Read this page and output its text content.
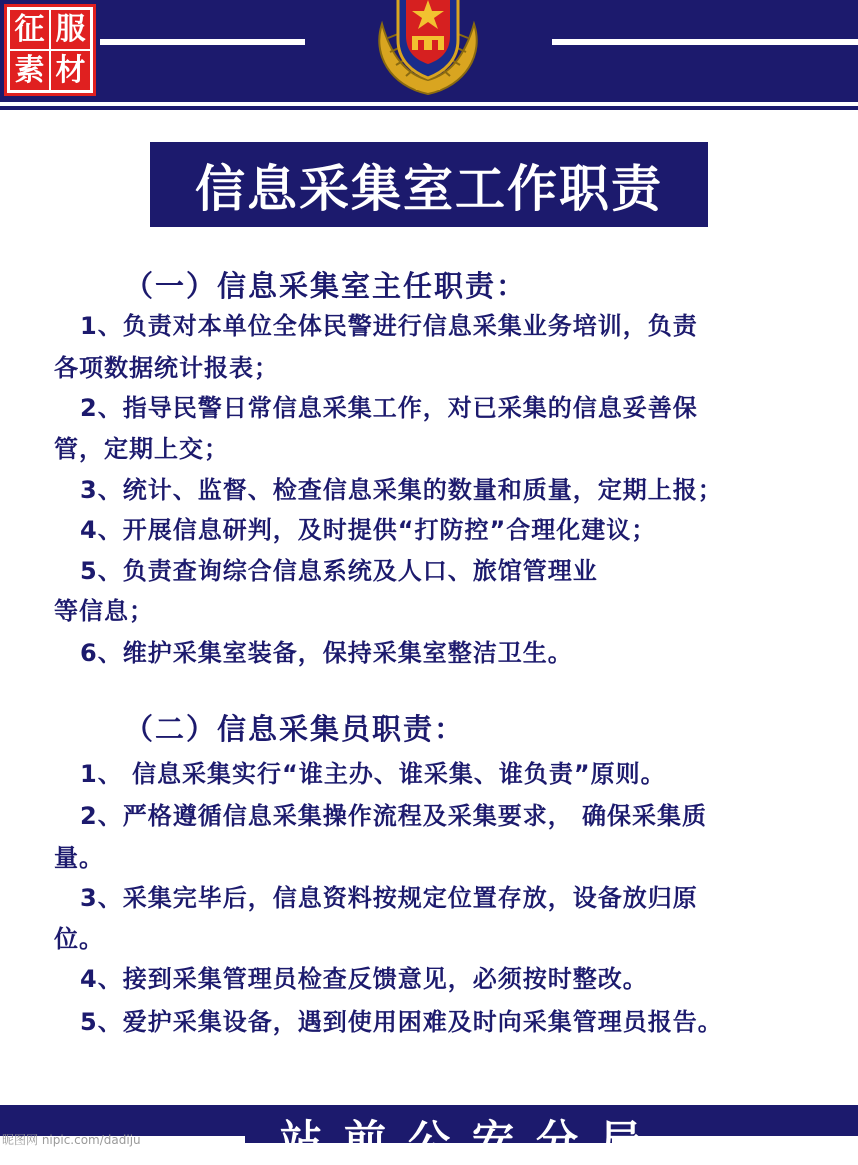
征 服
素 材
信息采集室工作职责
（一）信息采集室主任职责：
1、负责对本单位全体民警进行信息采集业务培训，负责
各项数据统计报表；
2、指导民警日常信息采集工作，对已采集的信息妥善保
管，定期上交；
3、统计、监督、检查信息采集的数量和质量，定期上报；
4、开展信息研判，及时提供“打防控”合理化建议；
5、负责查询综合信息系统及人口、旅馆管理业
等信息；
6、维护采集室装备，保持采集室整洁卫生。
（二）信息采集员职责：
1、 信息采集实行“谁主办、谁采集、谁负责”原则。
2、严格遵循信息采集操作流程及采集要求， 确保采集质
量。
3、采集完毕后，信息资料按规定位置存放，设备放归原
位。
4、接到采集管理员检查反馈意见，必须按时整改。
5、爱护采集设备，遇到使用困难及时向采集管理员报告。
站前公安分局
昵图网 nipic.com/dadiju
